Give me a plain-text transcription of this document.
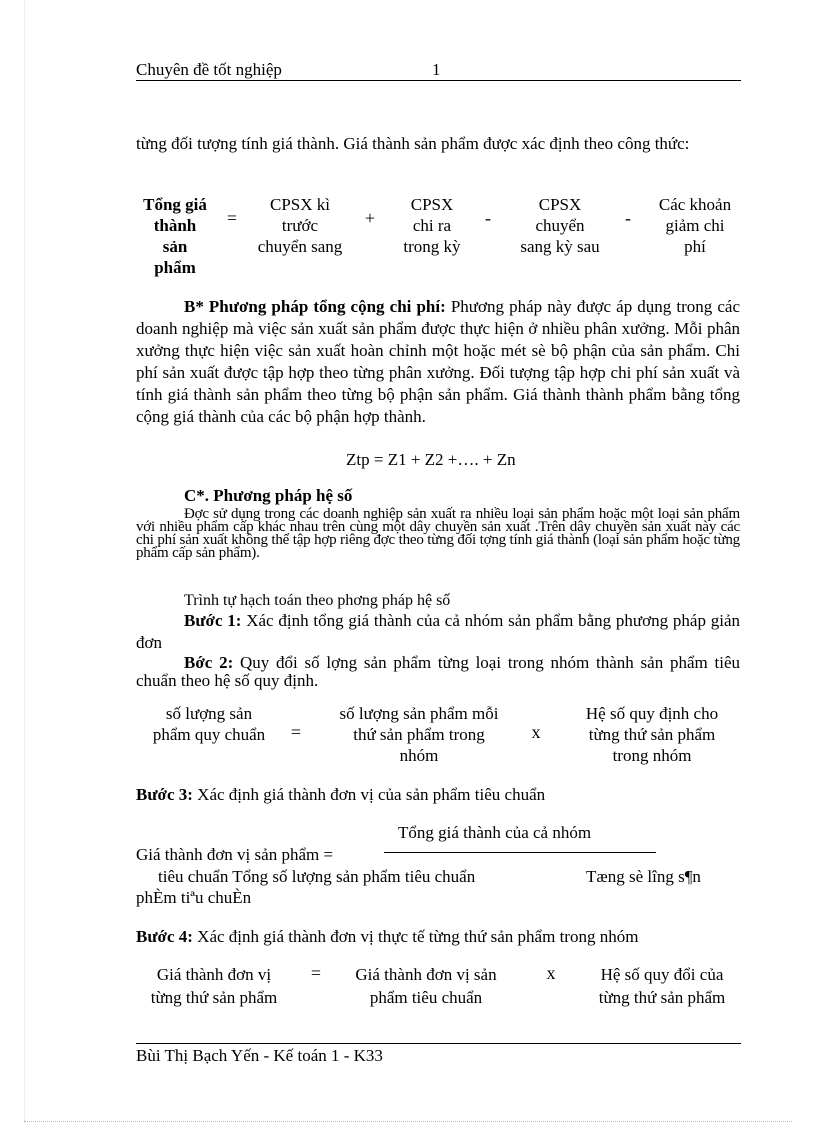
Chuyên đề tốt nghiệp	1
từng đối tượng tính giá thành. Giá thành sản phẩm được xác định theo công thức:
Tổng giá
thành
sản
phẩm
=
CPSX kì
trước
chuyển sang
+
CPSX
chi ra
trong kỳ
-
CPSX
chuyển
sang kỳ sau
-
Các khoản
giảm chi
phí
B* Phương pháp tổng cộng chi phí: Phương pháp này được áp dụng trong các doanh nghiệp mà việc sản xuất sản phẩm được thực hiện ở nhiều phân xưởng. Mỗi phân xưởng thực hiện việc sản xuất hoàn chỉnh một hoặc mét sè bộ phận của sản phẩm. Chi phí sản xuất được tập hợp theo từng phân xưởng. Đối tượng tập hợp chi phí sản xuất và tính giá thành sản phẩm theo từng bộ phận sản phẩm. Giá thành thành phẩm bằng tổng cộng giá thành của các bộ phận hợp thành.
Ztp = Z1 + Z2 +…. + Zn
C*. Phương pháp hệ số
Đợc sử dụng trong các doanh nghiệp sản xuất ra nhiều loại sản phẩm hoặc một loại sản phẩm với nhiều phẩm cấp khác nhau trên cùng một dây chuyền sản xuất .Trên dây chuyền sản xuất này các chi phí sản xuất không thể tập hợp riêng đợc theo từng đối tợng tính giá thành (loại sản phẩm hoặc từng phẩm cấp sản phẩm).
Trình tự hạch toán theo phơng pháp hệ số
Bước 1: Xác định tổng giá thành của cả nhóm sản phẩm bằng phương pháp giản đơn
Bớc 2: Quy đổi số lợng sản phẩm từng loại trong nhóm thành sản phẩm tiêu chuẩn theo hệ số quy định.
số lượng sản
phẩm quy chuẩn	=
số lượng sản phẩm mỗi
thứ sản phẩm trong
nhóm
x
Hệ số quy định cho
từng thứ sản phẩm
trong nhóm
Bước 3: Xác định giá thành đơn vị của sản phẩm tiêu chuẩn
Tổng giá thành của cả nhóm
Giá thành đơn vị sản phẩm =
tiêu chuẩn Tổng số lượng sản phẩm tiêu chuẩn	Tæng sè lîng s¶n
phÈm tiªu chuÈn
Bước 4: Xác định giá thành đơn vị thực tế từng thứ sản phẩm trong nhóm
Giá thành đơn vị
từng thứ sản phẩm
=	Giá thành đơn vị sản
phẩm tiêu chuẩn
x	Hệ số quy đổi của
từng thứ sản phẩm
Bùi Thị Bạch Yến - Kế toán 1 - K33
